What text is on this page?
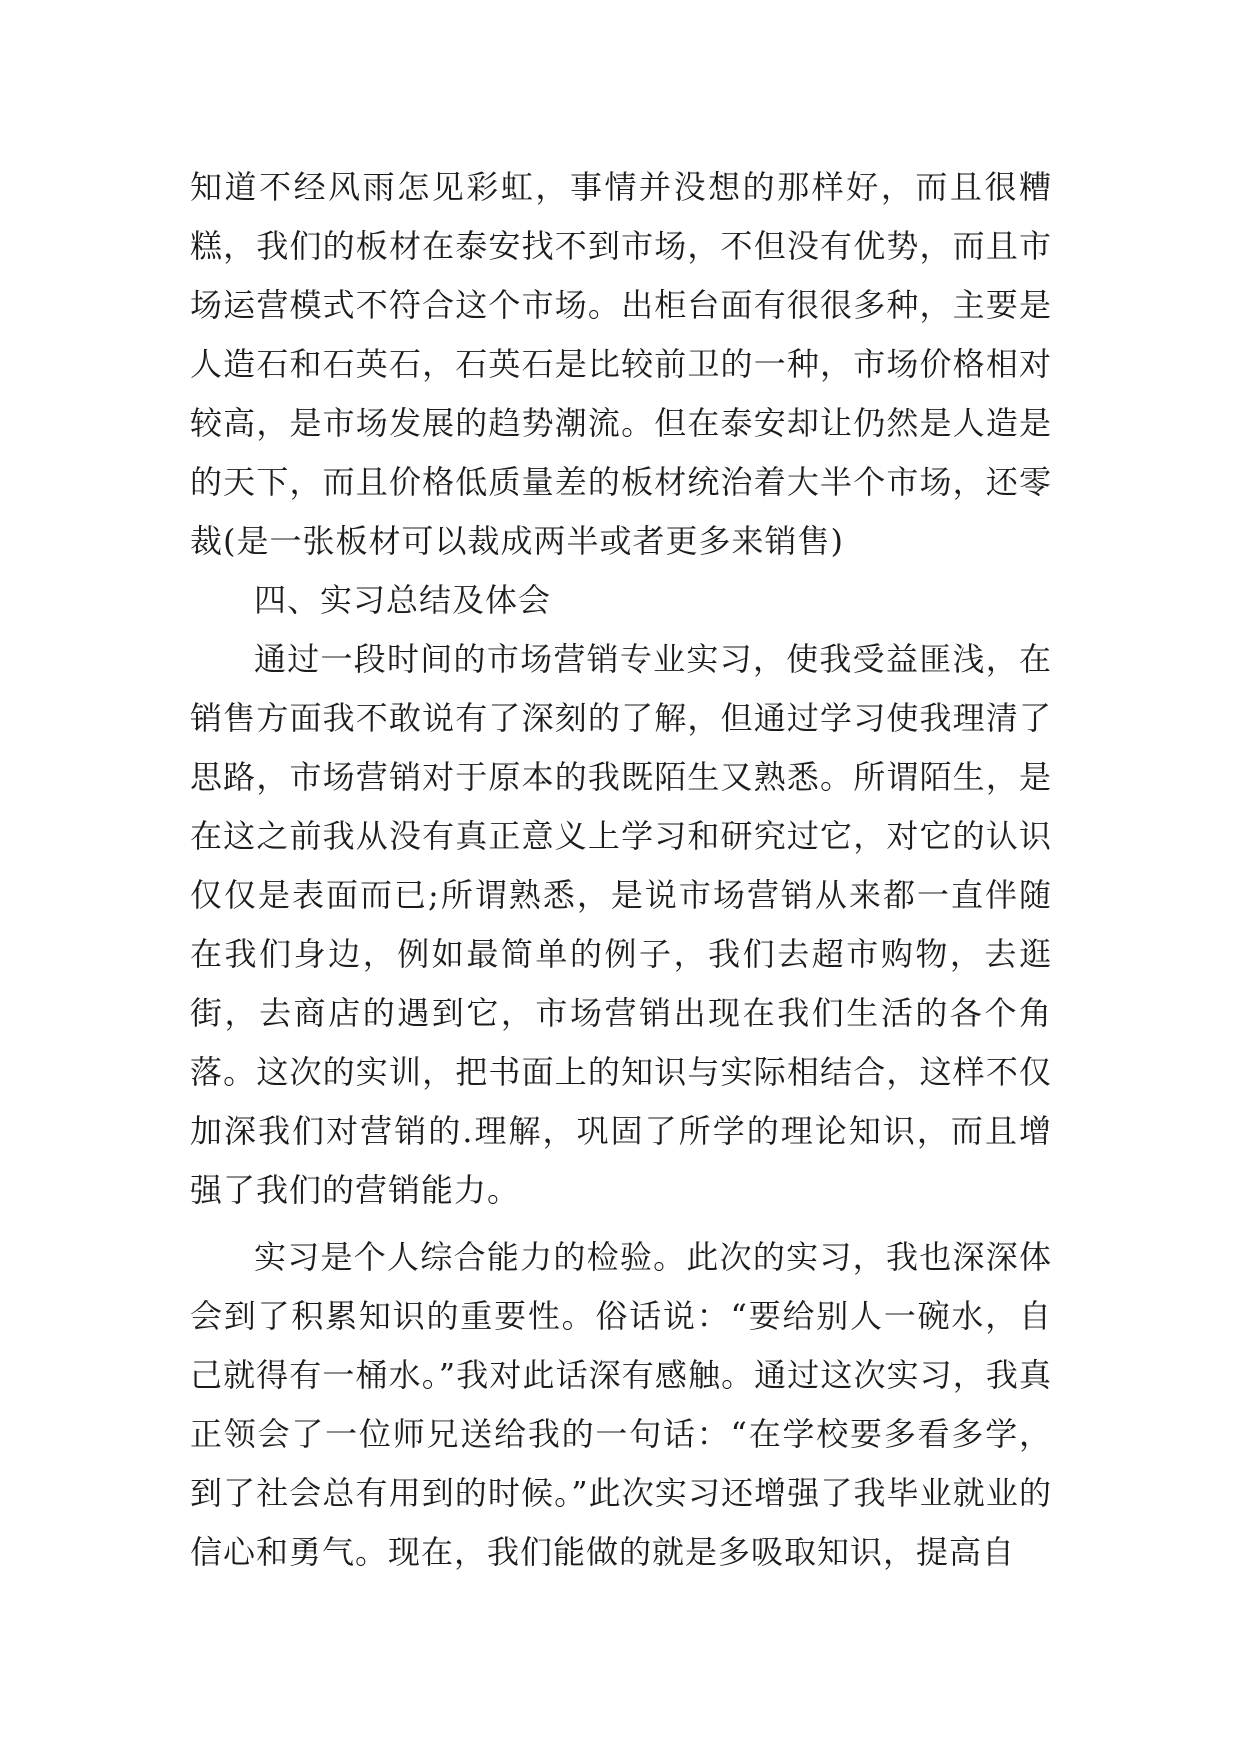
知道不经风雨怎见彩虹，事情并没想的那样好，而且很糟糕，我们的板材在泰安找不到市场，不但没有优势，而且市场运营模式不符合这个市场。出柜台面有很很多种，主要是人造石和石英石，石英石是比较前卫的一种，市场价格相对较高，是市场发展的趋势潮流。但在泰安却让仍然是人造是的天下，而且价格低质量差的板材统治着大半个市场，还零裁(是一张板材可以裁成两半或者更多来销售)

四、实习总结及体会

通过一段时间的市场营销专业实习，使我受益匪浅，在销售方面我不敢说有了深刻的了解，但通过学习使我理清了思路，市场营销对于原本的我既陌生又熟悉。所谓陌生，是在这之前我从没有真正意义上学习和研究过它，对它的认识仅仅是表面而已;所谓熟悉，是说市场营销从来都一直伴随在我们身边，例如最简单的例子，我们去超市购物，去逛街，去商店的遇到它，市场营销出现在我们生活的各个角落。这次的实训，把书面上的知识与实际相结合，这样不仅加深我们对营销的.理解，巩固了所学的理论知识，而且增强了我们的营销能力。

实习是个人综合能力的检验。此次的实习，我也深深体会到了积累知识的重要性。俗话说：“要给别人一碗水，自己就得有一桶水。”我对此话深有感触。通过这次实习，我真正领会了一位师兄送给我的一句话：“在学校要多看多学，到了社会总有用到的时候。”此次实习还增强了我毕业就业的信心和勇气。现在，我们能做的就是多吸取知识，提高自
